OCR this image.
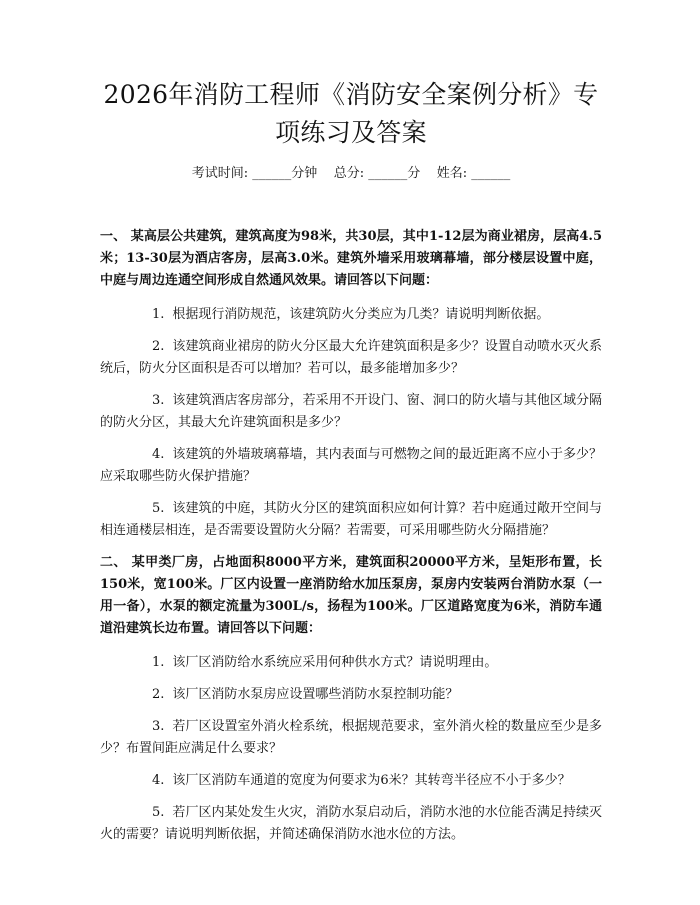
2026年消防工程师《消防安全案例分析》专
项练习及答案
考试时间: ______分钟    总分: ______分    姓名: ______

一、 某高层公共建筑，建筑高度为98米，共30层，其中1-12层为商业裙房，层高4.5米；13-30层为酒店客房，层高3.0米。建筑外墙采用玻璃幕墙，部分楼层设置中庭，中庭与周边连通空间形成自然通风效果。请回答以下问题：

1. 根据现行消防规范，该建筑防火分类应为几类？请说明判断依据。

2. 该建筑商业裙房的防火分区最大允许建筑面积是多少？设置自动喷水灭火系统后，防火分区面积是否可以增加？若可以，最多能增加多少？

3. 该建筑酒店客房部分，若采用不开设门、窗、洞口的防火墙与其他区域分隔的防火分区，其最大允许建筑面积是多少？

4. 该建筑的外墙玻璃幕墙，其内表面与可燃物之间的最近距离不应小于多少？应采取哪些防火保护措施？

5. 该建筑的中庭，其防火分区的建筑面积应如何计算？若中庭通过敞开空间与相连通楼层相连，是否需要设置防火分隔？若需要，可采用哪些防火分隔措施？

二、 某甲类厂房，占地面积8000平方米，建筑面积20000平方米，呈矩形布置，长150米，宽100米。厂区内设置一座消防给水加压泵房，泵房内安装两台消防水泵（一用一备），水泵的额定流量为300L/s，扬程为100米。厂区道路宽度为6米，消防车通道沿建筑长边布置。请回答以下问题：

1. 该厂区消防给水系统应采用何种供水方式？请说明理由。

2. 该厂区消防水泵房应设置哪些消防水泵控制功能？

3. 若厂区设置室外消火栓系统，根据规范要求，室外消火栓的数量应至少是多少？布置间距应满足什么要求？

4. 该厂区消防车通道的宽度为何要求为6米？其转弯半径应不小于多少？

5. 若厂区内某处发生火灾，消防水泵启动后，消防水池的水位能否满足持续灭火的需要？请说明判断依据，并简述确保消防水池水位的方法。
